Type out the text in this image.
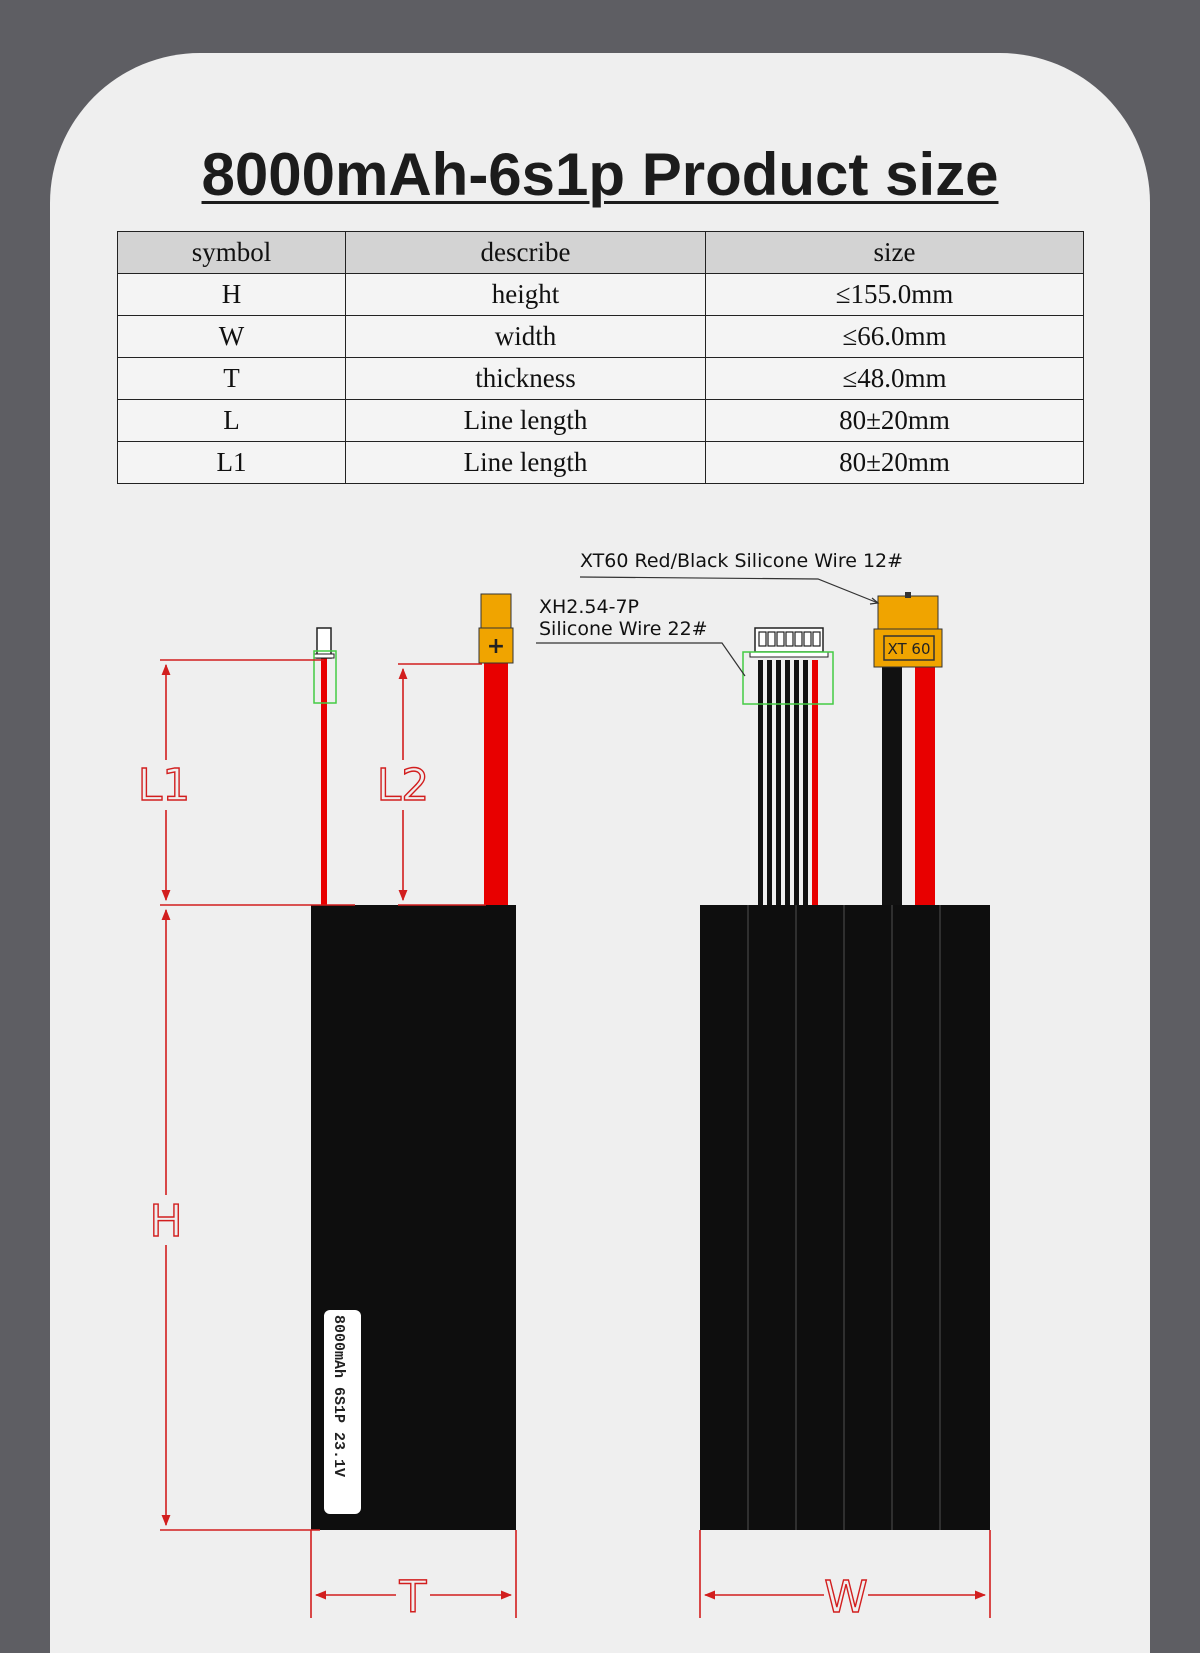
8000mAh-6s1p Product size
symbol	describe	size
H	height	≤155.0mm
W	width	≤66.0mm
T	thickness	≤48.0mm
L	Line length	80±20mm
L1	Line length	80±20mm
+
8000mAh 6S1P 23.1V
L1	L2
H
T	W
XT 60
XT60 Red/Black Silicone Wire 12#
XH2.54-7P
Silicone Wire 22#
